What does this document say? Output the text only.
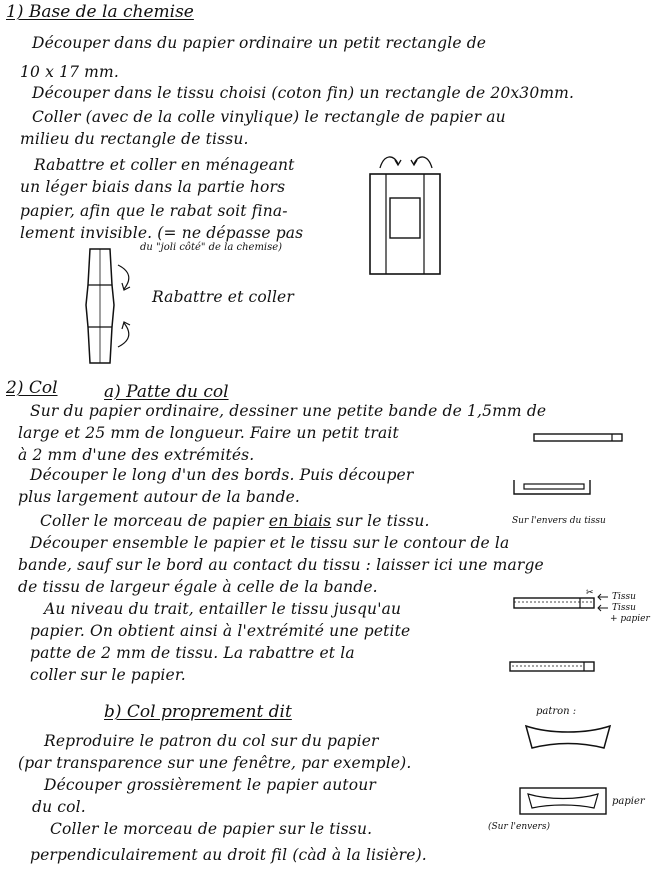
1) Base de la chemise
Découper dans du papier ordinaire un petit rectangle de
10 x 17 mm.
Découper dans le tissu choisi (coton fin) un rectangle de 20x30mm.
Coller (avec de la colle vinylique) le rectangle de papier au
milieu du rectangle de tissu.
Rabattre et coller en ménageant
un léger biais dans la partie hors
papier, afin que le rabat soit fina-
lement invisible. (= ne dépasse pas
du "joli côté" de la chemise)
Rabattre et coller
2) Col	a) Patte du col
Sur du papier ordinaire, dessiner une petite bande de 1,5mm de
large et 25 mm de longueur. Faire un petit trait
à 2 mm d'une des extrémités.
Découper le long d'un des bords. Puis découper
plus largement autour de la bande.
Coller le morceau de papier en biais sur le tissu.	Sur l'envers du tissu
Découper ensemble le papier et le tissu sur le contour de la
bande, sauf sur le bord au contact du tissu : laisser ici une marge
de tissu de largeur égale à celle de la bande.
Au niveau du trait, entailler le tissu jusqu'au
papier. On obtient ainsi à l'extrémité une petite
patte de 2 mm de tissu. La rabattre et la
coller sur le papier.
✂ Tissu
Tissu
+ papier
b) Col proprement dit
Reproduire le patron du col sur du papier
(par transparence sur une fenêtre, par exemple).
Découper grossièrement le papier autour
du col.
Coller le morceau de papier sur le tissu.	(Sur l'envers)
perpendiculairement au droit fil (càd à la lisière).
patron :
papier
